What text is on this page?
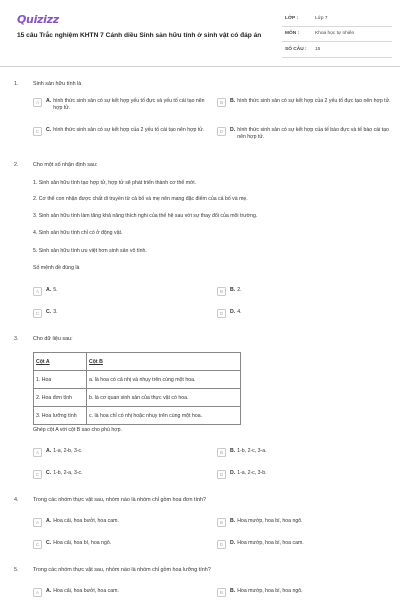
Quizizz
15 câu Trắc nghiệm KHTN 7 Cánh diều Sinh sản hữu tính ở sinh vật có đáp án
LỚP :	Lớp 7
MÔN :	Khoa học tự nhiên
SỐ CÂU :	15
1.	Sinh sản hữu tính là
A	A. hình thức sinh sản có sự kết hợp yếu tố đực và yếu tố cái tạo nên hợp tử.
B	B. hình thức sinh sản có sự kết hợp của 2 yếu tố đực tạo nên hợp tử.
C	C. hình thức sinh sản có sự kết hợp của 2 yếu tố cái tạo nên hợp tử.	D	D. hình thức sinh sản có sự kết hợp của tế bào đực và tế bào cái tạo nên hợp tử.
2.	Cho một số nhận định sau:
1. Sinh sản hữu tính tạo hợp tử, hợp tử sẽ phát triển thành cơ thể mới.
2. Cơ thể con nhận được chất di truyền từ cả bố và mẹ nên mang đặc điểm của cả bố và mẹ.
3. Sinh sản hữu tính làm tăng khả năng thích nghi của thế hệ sau với sự thay đổi của môi trường.
4. Sinh sản hữu tính chỉ có ở động vật.
5. Sinh sản hữu tính ưu việt hơn sinh sản vô tính.
Số mệnh đề đúng là
A	A. 5.	B	B. 2.
C	C. 3.	D	D. 4.
3.	Cho dữ liệu sau:
Cột A	Cột B
1. Hoa	a. là hoa có cả nhị và nhụy trên cùng một hoa.
2. Hoa đơn tính	b. là cơ quan sinh sản của thực vật có hoa.
3. Hoa lưỡng tính	c. là hoa chỉ có nhị hoặc nhụy trên cùng một hoa.
Ghép cột A với cột B sao cho phù hợp.
A	A. 1-a, 2-b, 3-c.	B	B. 1-b, 2-c, 3-a.
C	C. 1-b, 2-a, 3-c.	D	D. 1-a, 2-c, 3-b.
4.	Trong các nhóm thực vật sau, nhóm nào là nhóm chỉ gồm hoa đơn tính?
A	A. Hoa cải, hoa bưởi, hoa cam.	B	B. Hoa mướp, hoa bí, hoa ngô.
C	C. Hoa cải, hoa bí, hoa ngô.	D	D. Hoa mướp, hoa bí, hoa cam.
5.	Trong các nhóm thực vật sau, nhóm nào là nhóm chỉ gồm hoa lưỡng tính?
A	A. Hoa cải, hoa bưởi, hoa cam.	B	B. Hoa mướp, hoa bí, hoa ngô.
